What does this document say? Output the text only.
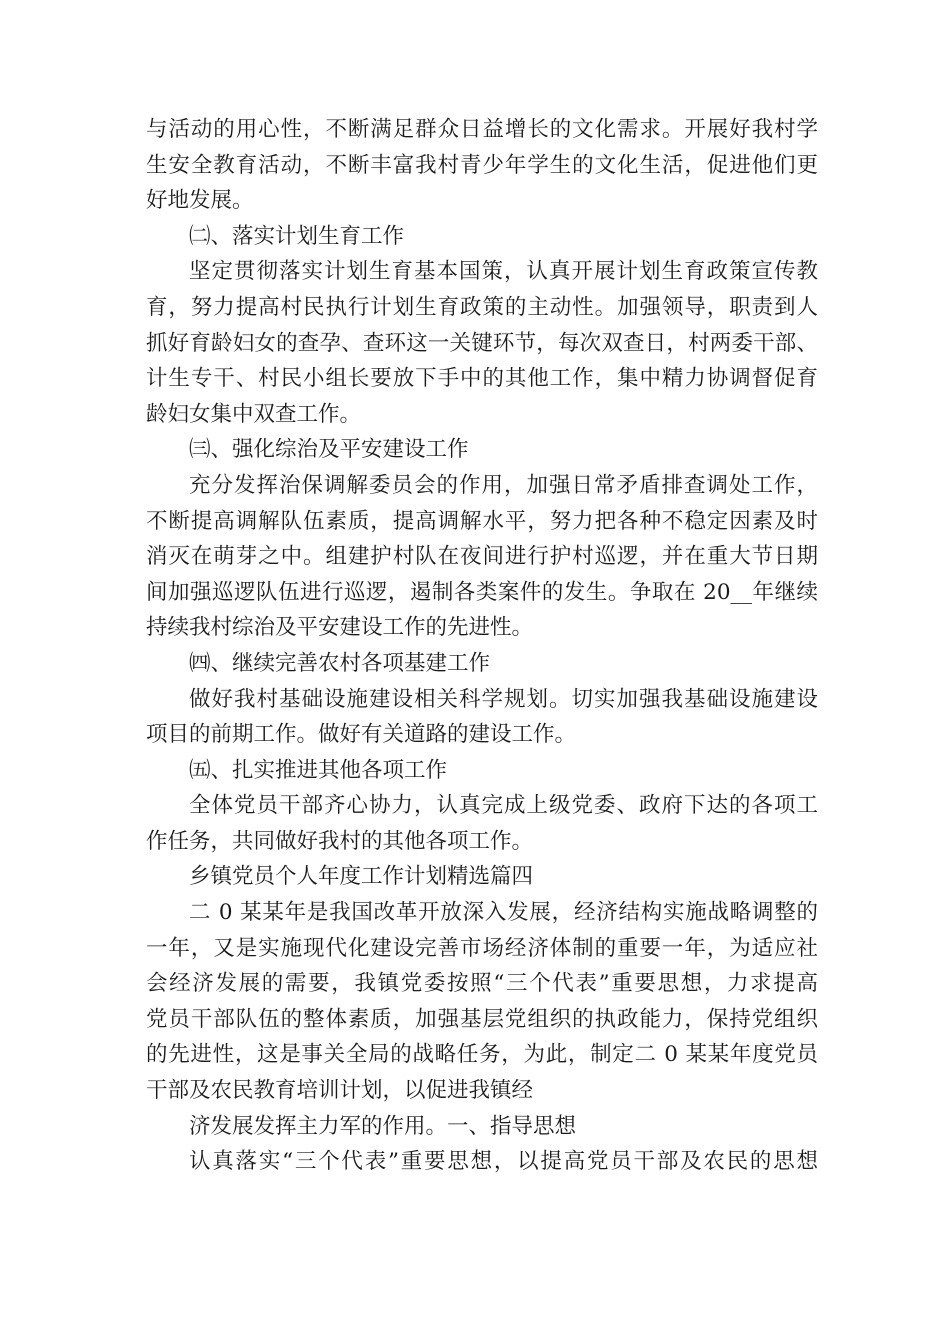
与活动的用心性，不断满足群众日益增长的文化需求。开展好我村学
生安全教育活动，不断丰富我村青少年学生的文化生活，促进他们更
好地发展。
㈡、落实计划生育工作
坚定贯彻落实计划生育基本国策，认真开展计划生育政策宣传教
育，努力提高村民执行计划生育政策的主动性。加强领导，职责到人
抓好育龄妇女的查孕、查环这一关键环节，每次双查日，村两委干部、
计生专干、村民小组长要放下手中的其他工作，集中精力协调督促育
龄妇女集中双查工作。
㈢、强化综治及平安建设工作
充分发挥治保调解委员会的作用，加强日常矛盾排查调处工作，
不断提高调解队伍素质，提高调解水平，努力把各种不稳定因素及时
消灭在萌芽之中。组建护村队在夜间进行护村巡逻，并在重大节日期
间加强巡逻队伍进行巡逻，遏制各类案件的发生。争取在 20__年继续
持续我村综治及平安建设工作的先进性。
㈣、继续完善农村各项基建工作
做好我村基础设施建设相关科学规划。切实加强我基础设施建设
项目的前期工作。做好有关道路的建设工作。
㈤、扎实推进其他各项工作
全体党员干部齐心协力，认真完成上级党委、政府下达的各项工
作任务，共同做好我村的其他各项工作。
乡镇党员个人年度工作计划精选篇四
二 0 某某年是我国改革开放深入发展，经济结构实施战略调整的
一年，又是实施现代化建设完善市场经济体制的重要一年，为适应社
会经济发展的需要，我镇党委按照“三个代表”重要思想，力求提高
党员干部队伍的整体素质，加强基层党组织的执政能力，保持党组织
的先进性，这是事关全局的战略任务，为此，制定二 0 某某年度党员
干部及农民教育培训计划，以促进我镇经
济发展发挥主力军的作用。一、指导思想
认真落实“三个代表”重要思想，以提高党员干部及农民的思想
